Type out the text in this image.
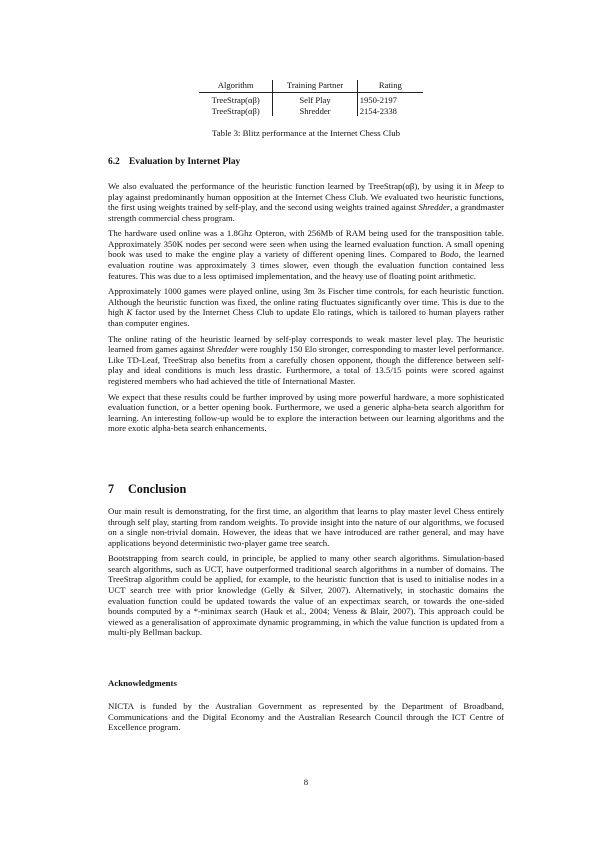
Algorithm	Training Partner	Rating
TreeStrap(αβ)	Self Play	1950-2197
TreeStrap(αβ)	Shredder	2154-2338
Table 3: Blitz performance at the Internet Chess Club
6.2 Evaluation by Internet Play

We also evaluated the performance of the heuristic function learned by TreeStrap(αβ), by using it in Meep to play against predominantly human opposition at the Internet Chess Club. We evaluated two heuristic functions, the first using weights trained by self-play, and the second using weights trained against Shredder, a grandmaster strength commercial chess program.

The hardware used online was a 1.8Ghz Opteron, with 256Mb of RAM being used for the transposition table. Approximately 350K nodes per second were seen when using the learned evaluation function. A small opening book was used to make the engine play a variety of different opening lines. Compared to Bodo, the learned evaluation routine was approximately 3 times slower, even though the evaluation function contained less features. This was due to a less optimised implementation, and the heavy use of floating point arithmetic.

Approximately 1000 games were played online, using 3m 3s Fischer time controls, for each heuristic function. Although the heuristic function was fixed, the online rating fluctuates significantly over time. This is due to the high K factor used by the Internet Chess Club to update Elo ratings, which is tailored to human players rather than computer engines.

The online rating of the heuristic learned by self-play corresponds to weak master level play. The heuristic learned from games against Shredder were roughly 150 Elo stronger, corresponding to master level performance. Like TD-Leaf, TreeStrap also benefits from a carefully chosen opponent, though the difference between self-play and ideal conditions is much less drastic. Furthermore, a total of 13.5/15 points were scored against registered members who had achieved the title of International Master.

We expect that these results could be further improved by using more powerful hardware, a more sophisticated evaluation function, or a better opening book. Furthermore, we used a generic alpha-beta search algorithm for learning. An interesting follow-up would be to explore the interaction between our learning algorithms and the more exotic alpha-beta search enhancements.

7 Conclusion

Our main result is demonstrating, for the first time, an algorithm that learns to play master level Chess entirely through self play, starting from random weights. To provide insight into the nature of our algorithms, we focused on a single non-trivial domain. However, the ideas that we have introduced are rather general, and may have applications beyond deterministic two-player game tree search.

Bootstrapping from search could, in principle, be applied to many other search algorithms. Simulation-based search algorithms, such as UCT, have outperformed traditional search algorithms in a number of domains. The TreeStrap algorithm could be applied, for example, to the heuristic function that is used to initialise nodes in a UCT search tree with prior knowledge (Gelly & Silver, 2007). Alternatively, in stochastic domains the evaluation function could be updated towards the value of an expectimax search, or towards the one-sided bounds computed by a *-minimax search (Hauk et al., 2004; Veness & Blair, 2007). This approach could be viewed as a generalisation of approximate dynamic programming, in which the value function is updated from a multi-ply Bellman backup.

Acknowledgments

NICTA is funded by the Australian Government as represented by the Department of Broadband, Communications and the Digital Economy and the Australian Research Council through the ICT Centre of Excellence program.

8
